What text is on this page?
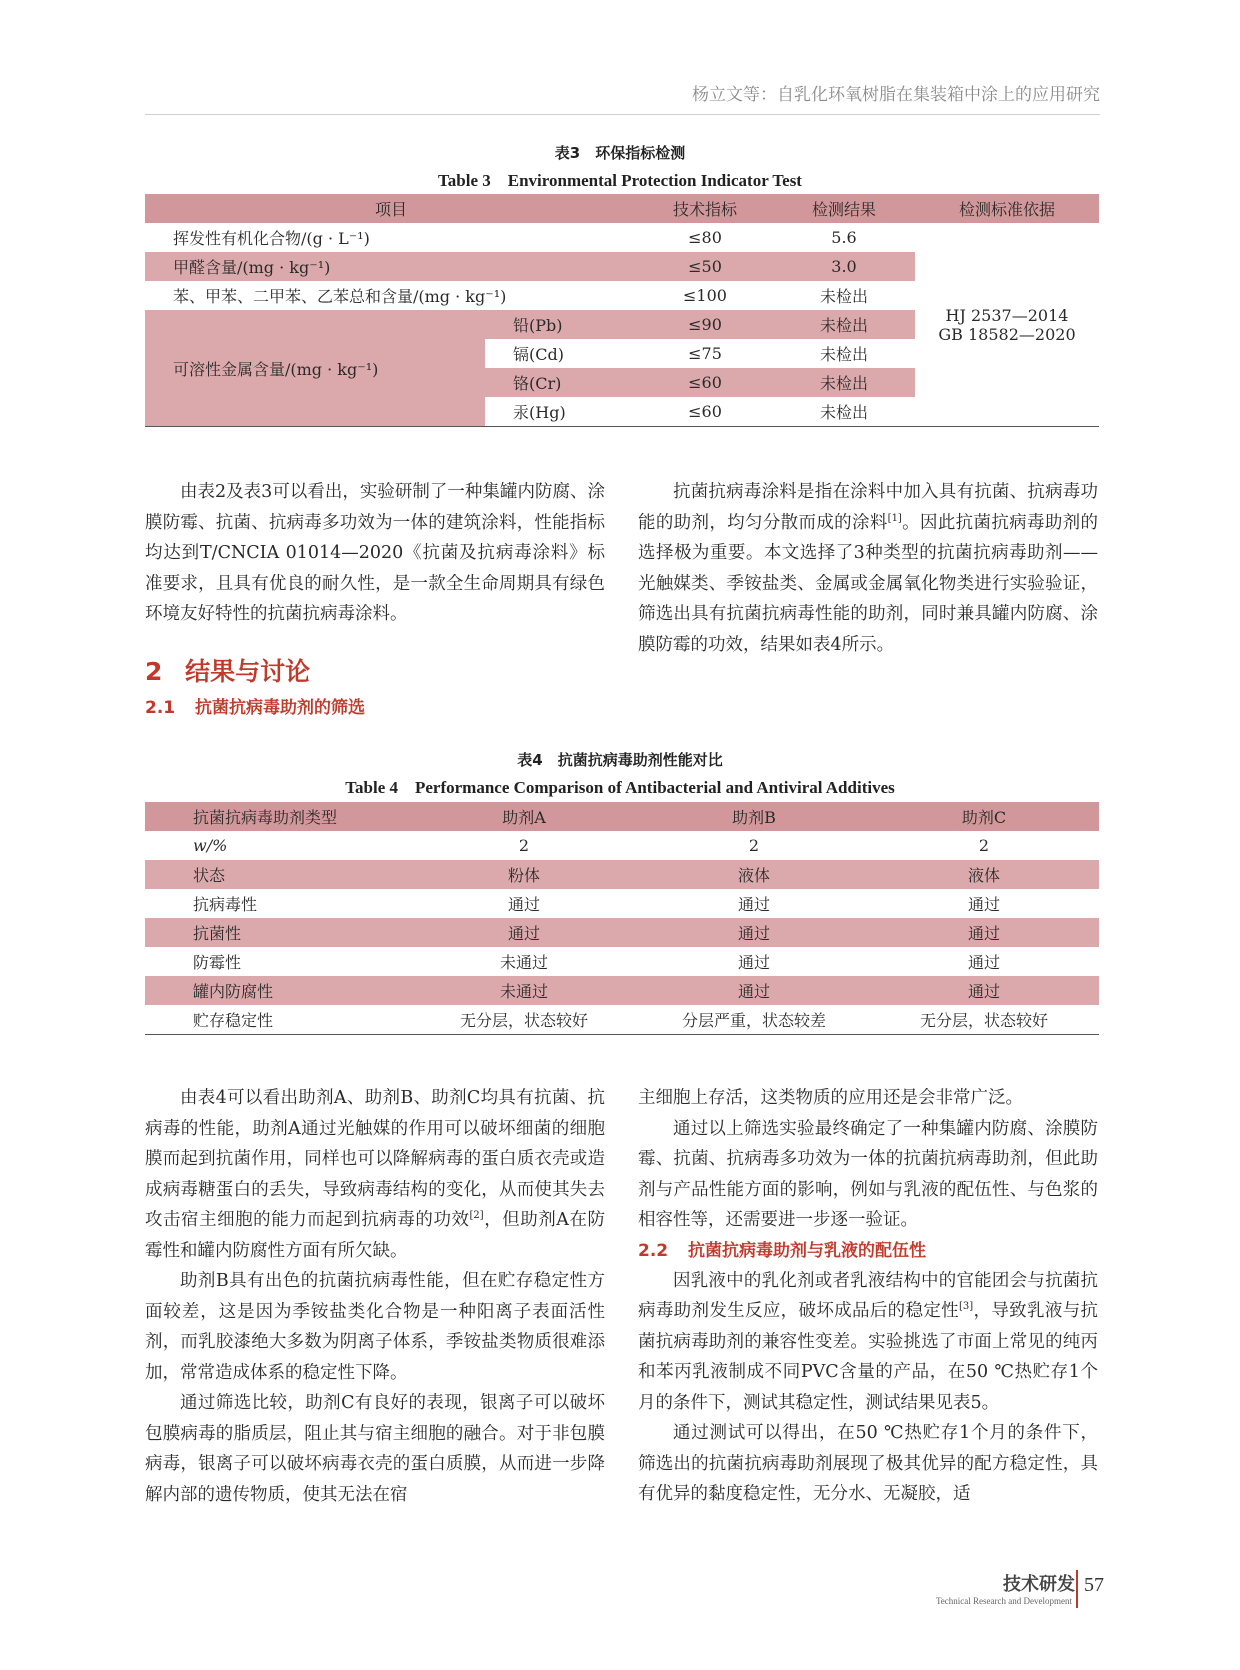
杨立文等：自乳化环氧树脂在集装箱中涂上的应用研究
表3　环保指标检测
Table 3　Environmental Protection Indicator Test
项目		技术指标	检测结果	检测标准依据
挥发性有机化合物/(g · L⁻¹)		≤80	5.6	HJ 2537—2014
GB 18582—2020

甲醛含量/(mg · kg⁻¹)		≤50	3.0	
苯、甲苯、二甲苯、乙苯总和含量/(mg · kg⁻¹)		≤100	未检出	
可溶性金属含量/(mg · kg⁻¹)	铅(Pb)	≤90	未检出	
	镉(Cd)	≤75	未检出	
	铬(Cr)	≤60	未检出	
	汞(Hg)	≤60	未检出	

由表2及表3可以看出，实验研制了一种集罐内防腐、涂膜防霉、抗菌、抗病毒多功效为一体的建筑涂料，性能指标均达到T/CNCIA 01014—2020《抗菌及抗病毒涂料》标准要求，且具有优良的耐久性，是一款全生命周期具有绿色环境友好特性的抗菌抗病毒涂料。

2 结果与讨论
2.1 抗菌抗病毒助剂的筛选

抗菌抗病毒涂料是指在涂料中加入具有抗菌、抗病毒功能的助剂，均匀分散而成的涂料[1]。因此抗菌抗病毒助剂的选择极为重要。本文选择了3种类型的抗菌抗病毒助剂——光触媒类、季铵盐类、金属或金属氧化物类进行实验验证，筛选出具有抗菌抗病毒性能的助剂，同时兼具罐内防腐、涂膜防霉的功效，结果如表4所示。

表4　抗菌抗病毒助剂性能对比
Table 4　Performance Comparison of Antibacterial and Antiviral Additives
抗菌抗病毒助剂类型	助剂A	助剂B	助剂C
w/%	2	2	2
状态	粉体	液体	液体
抗病毒性	通过	通过	通过
抗菌性	通过	通过	通过
防霉性	未通过	通过	通过
罐内防腐性	未通过	通过	通过
贮存稳定性	无分层，状态较好	分层严重，状态较差	无分层，状态较好

由表4可以看出助剂A、助剂B、助剂C均具有抗菌、抗病毒的性能，助剂A通过光触媒的作用可以破坏细菌的细胞膜而起到抗菌作用，同样也可以降解病毒的蛋白质衣壳或造成病毒糖蛋白的丢失，导致病毒结构的变化，从而使其失去攻击宿主细胞的能力而起到抗病毒的功效[2]，但助剂A在防霉性和罐内防腐性方面有所欠缺。

助剂B具有出色的抗菌抗病毒性能，但在贮存稳定性方面较差，这是因为季铵盐类化合物是一种阳离子表面活性剂，而乳胶漆绝大多数为阴离子体系，季铵盐类物质很难添加，常常造成体系的稳定性下降。

通过筛选比较，助剂C有良好的表现，银离子可以破坏包膜病毒的脂质层，阻止其与宿主细胞的融合。对于非包膜病毒，银离子可以破坏病毒衣壳的蛋白质膜，从而进一步降解内部的遗传物质，使其无法在宿

主细胞上存活，这类物质的应用还是会非常广泛。

通过以上筛选实验最终确定了一种集罐内防腐、涂膜防霉、抗菌、抗病毒多功效为一体的抗菌抗病毒助剂，但此助剂与产品性能方面的影响，例如与乳液的配伍性、与色浆的相容性等，还需要进一步逐一验证。

2.2 抗菌抗病毒助剂与乳液的配伍性

因乳液中的乳化剂或者乳液结构中的官能团会与抗菌抗病毒助剂发生反应，破坏成品后的稳定性[3]，导致乳液与抗菌抗病毒助剂的兼容性变差。实验挑选了市面上常见的纯丙和苯丙乳液制成不同PVC含量的产品，在50 ℃热贮存1个月的条件下，测试其稳定性，测试结果见表5。

通过测试可以得出，在50 ℃热贮存1个月的条件下，筛选出的抗菌抗病毒助剂展现了极其优异的配方稳定性，具有优异的黏度稳定性，无分水、无凝胶，适

技术研发
Technical Research and Development
57
